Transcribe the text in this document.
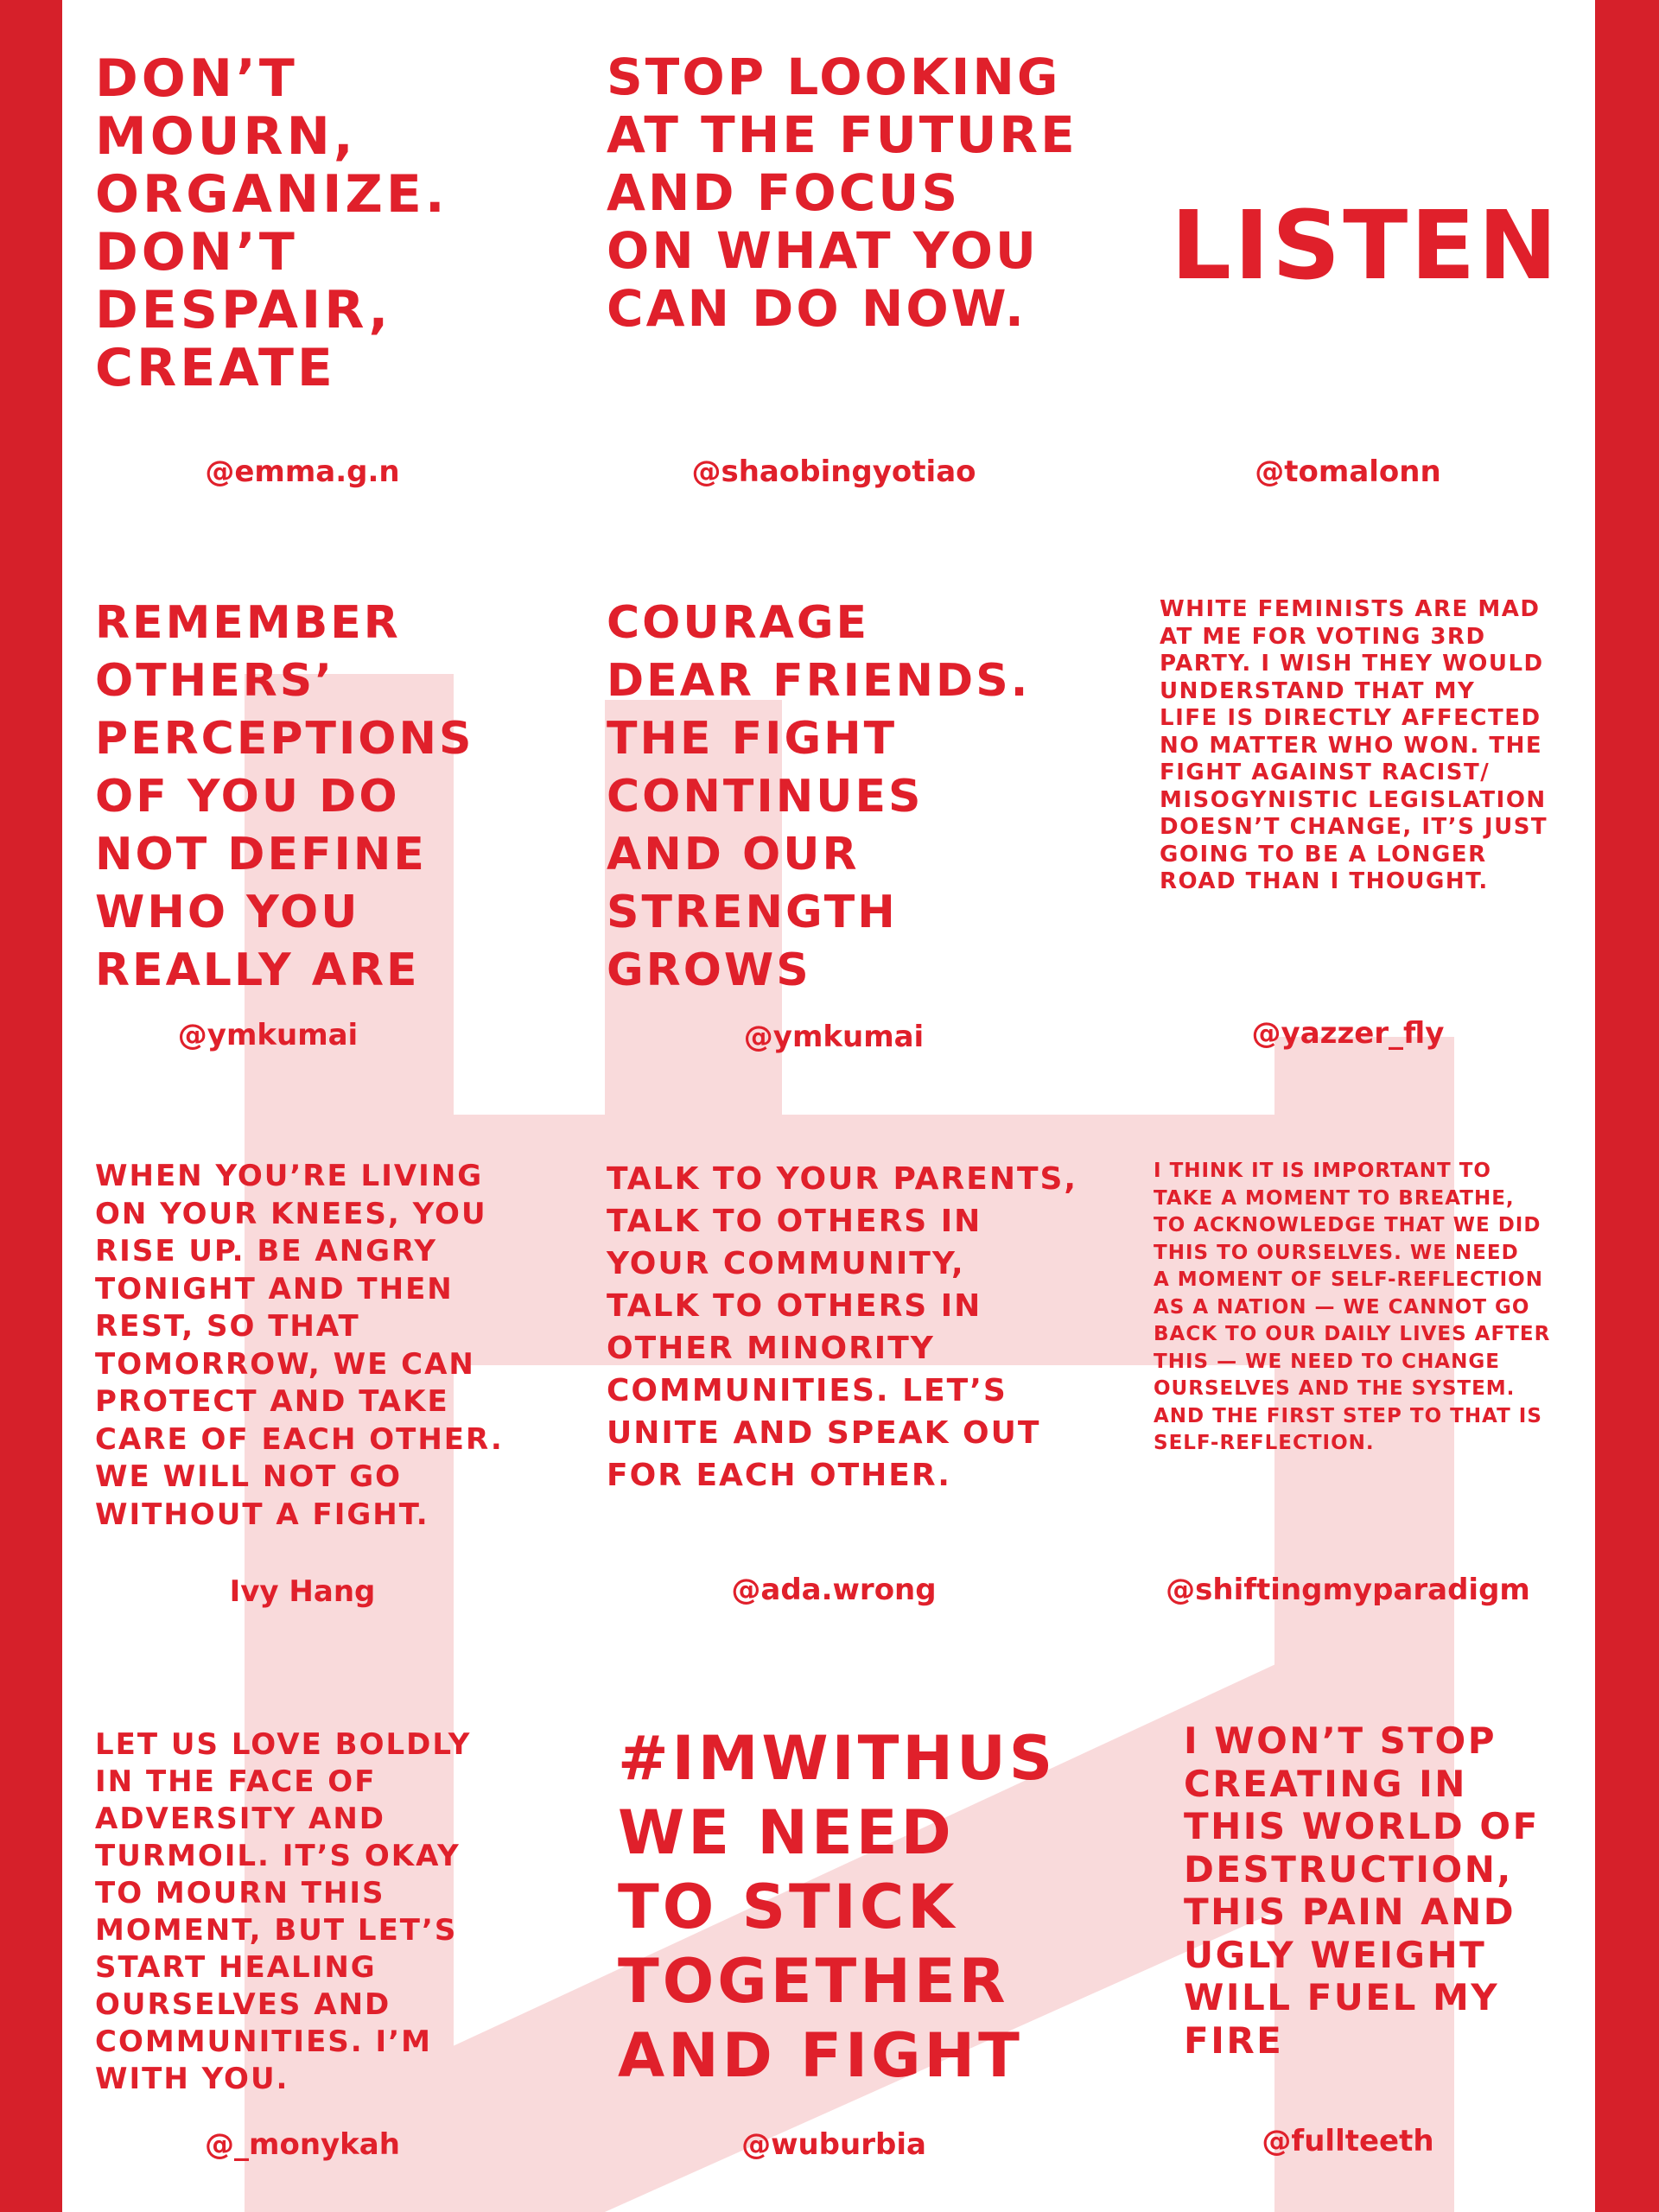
DON’T
MOURN,
ORGANIZE.
DON’T
DESPAIR,
CREATE
@emma.g.n
STOP LOOKING
AT THE FUTURE
AND FOCUS
ON WHAT YOU
CAN DO NOW.
@shaobingyotiao
LISTEN
@tomalonn
REMEMBER
OTHERS’
PERCEPTIONS
OF YOU DO
NOT DEFINE
WHO YOU
REALLY ARE
@ymkumai
COURAGE
DEAR FRIENDS.
THE FIGHT
CONTINUES
AND OUR
STRENGTH
GROWS
@ymkumai
WHITE FEMINISTS ARE MAD
AT ME FOR VOTING 3RD
PARTY. I WISH THEY WOULD
UNDERSTAND THAT MY
LIFE IS DIRECTLY AFFECTED
NO MATTER WHO WON. THE
FIGHT AGAINST RACIST/
MISOGYNISTIC LEGISLATION
DOESN’T CHANGE, IT’S JUST
GOING TO BE A LONGER
ROAD THAN I THOUGHT.
@yazzer_fly
WHEN YOU’RE LIVING
ON YOUR KNEES, YOU
RISE UP. BE ANGRY
TONIGHT AND THEN
REST, SO THAT
TOMORROW, WE CAN
PROTECT AND TAKE
CARE OF EACH OTHER.
WE WILL NOT GO
WITHOUT A FIGHT.
Ivy Hang
TALK TO YOUR PARENTS,
TALK TO OTHERS IN
YOUR COMMUNITY,
TALK TO OTHERS IN
OTHER MINORITY
COMMUNITIES. LET’S
UNITE AND SPEAK OUT
FOR EACH OTHER.
@ada.wrong
I THINK IT IS IMPORTANT TO
TAKE A MOMENT TO BREATHE,
TO ACKNOWLEDGE THAT WE DID
THIS TO OURSELVES. WE NEED
A MOMENT OF SELF-REFLECTION
AS A NATION — WE CANNOT GO
BACK TO OUR DAILY LIVES AFTER
THIS — WE NEED TO CHANGE
OURSELVES AND THE SYSTEM.
AND THE FIRST STEP TO THAT IS
SELF-REFLECTION.
@shiftingmyparadigm
LET US LOVE BOLDLY
IN THE FACE OF
ADVERSITY AND
TURMOIL. IT’S OKAY
TO MOURN THIS
MOMENT, BUT LET’S
START HEALING
OURSELVES AND
COMMUNITIES. I’M
WITH YOU.
@_monykah
#IMWITHUS
WE NEED
TO STICK
TOGETHER
AND FIGHT
@wuburbia
I WON’T STOP
CREATING IN
THIS WORLD OF
DESTRUCTION,
THIS PAIN AND
UGLY WEIGHT
WILL FUEL MY
FIRE
@fullteeth
